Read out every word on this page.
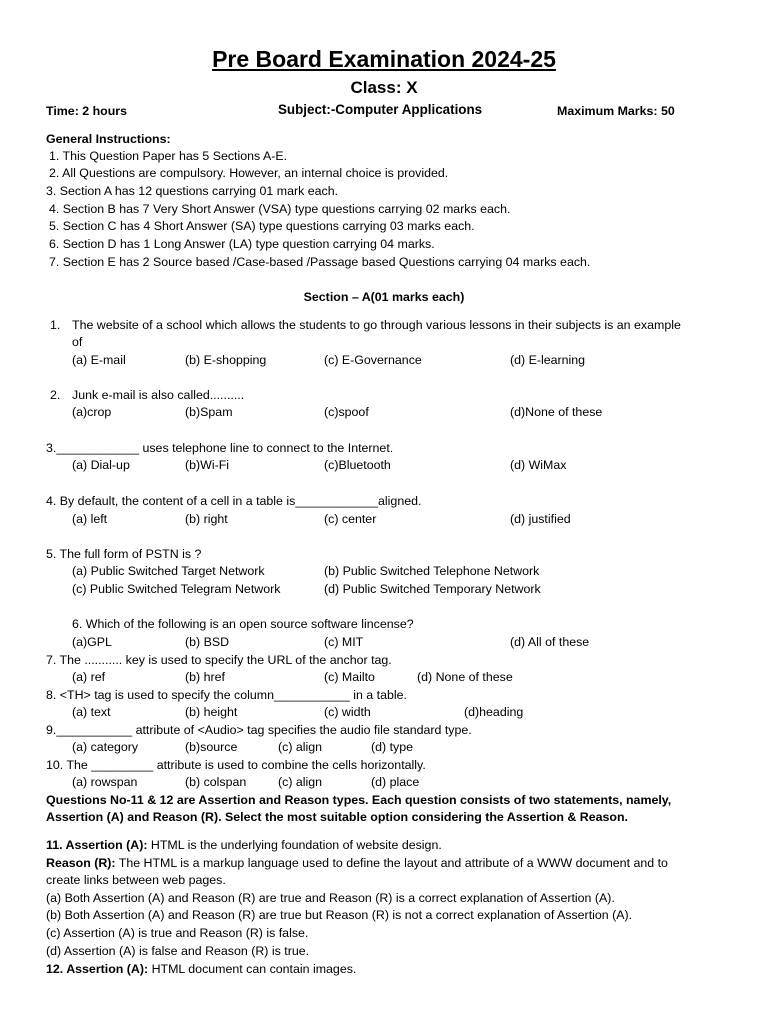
Pre Board Examination 2024-25
Class: X
Time: 2 hours	Subject:-Computer Applications	Maximum Marks: 50
General Instructions:
1. This Question Paper has 5 Sections A-E.
2. All Questions are compulsory. However, an internal choice is provided.
3. Section A has 12 questions carrying 01 mark each.
4. Section B has 7 Very Short Answer (VSA) type questions carrying 02 marks each.
5. Section C has 4 Short Answer (SA) type questions carrying 03 marks each.
6. Section D has 1 Long Answer (LA) type question carrying 04 marks.
7. Section E has 2 Source based /Case-based /Passage based Questions carrying 04 marks each.
Section – A(01 marks each)
1. The website of a school which allows the students to go through various lessons in their subjects is an example
of
(a) E-mail	(b) E-shopping	(c) E-Governance	(d) E-learning
2. Junk e-mail is also called..........
(a)crop	(b)Spam	(c)spoof	(d)None of these
3.____________ uses telephone line to connect to the Internet.
(a) Dial-up	(b)Wi-Fi	(c)Bluetooth	(d) WiMax
4. By default, the content of a cell in a table is____________aligned.
(a) left	(b) right	(c) center	(d) justified
5. The full form of PSTN is ?
(a) Public Switched Target Network	(b) Public Switched Telephone Network
(c) Public Switched Telegram Network	(d) Public Switched Temporary Network
6. Which of the following is an open source software lincense?
(a)GPL	(b) BSD	(c) MIT	(d) All of these
7. The ........... key is used to specify the URL of the anchor tag.
(a) ref	(b) href	(c) Mailto	(d) None of these
8. <TH> tag is used to specify the column___________ in a table.
(a) text	(b) height	(c) width	(d)heading
9.___________ attribute of <Audio> tag specifies the audio file standard type.
(a) category	(b)source	(c) align	(d) type
10. The _________ attribute is used to combine the cells horizontally.
(a) rowspan	(b) colspan	(c) align	(d) place
Questions No-11 & 12 are Assertion and Reason types. Each question consists of two statements, namely,
Assertion (A) and Reason (R). Select the most suitable option considering the Assertion & Reason.
11. Assertion (A): HTML is the underlying foundation of website design.
Reason (R): The HTML is a markup language used to define the layout and attribute of a WWW document and to
create links between web pages.
(a) Both Assertion (A) and Reason (R) are true and Reason (R) is a correct explanation of Assertion (A).
(b) Both Assertion (A) and Reason (R) are true but Reason (R) is not a correct explanation of Assertion (A).
(c) Assertion (A) is true and Reason (R) is false.
(d) Assertion (A) is false and Reason (R) is true.
12. Assertion (A): HTML document can contain images.
